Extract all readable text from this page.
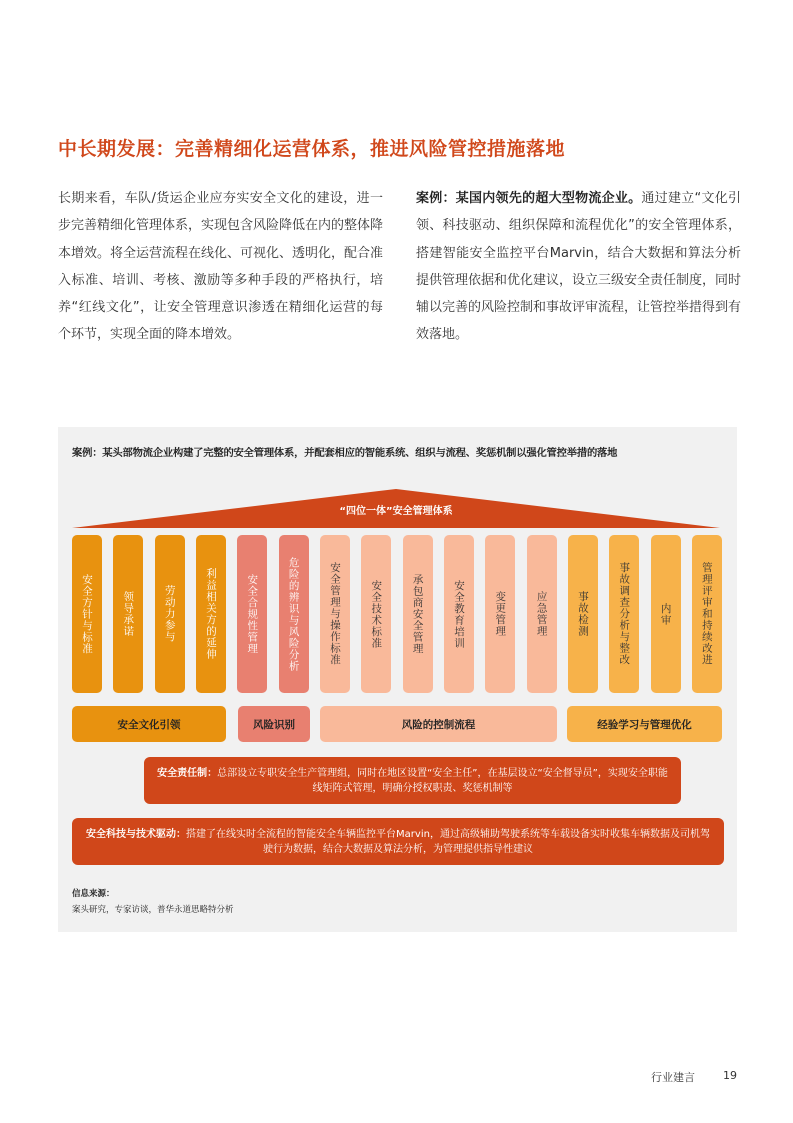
中长期发展：完善精细化运营体系，推进风险管控措施落地
长期来看，车队/货运企业应夯实安全文化的建设，进一步完善精细化管理体系，实现包含风险降低在内的整体降本增效。将全运营流程在线化、可视化、透明化，配合准入标准、培训、考核、激励等多种手段的严格执行，培养“红线文化”，让安全管理意识渗透在精细化运营的每个环节，实现全面的降本增效。
案例：某国内领先的超大型物流企业。通过建立“文化引领、科技驱动、组织保障和流程优化”的安全管理体系，搭建智能安全监控平台Marvin，结合大数据和算法分析提供管理依据和优化建议，设立三级安全责任制度，同时辅以完善的风险控制和事故评审流程，让管控举措得到有效落地。
案例：某头部物流企业构建了完整的安全管理体系，并配套相应的智能系统、组织与流程、奖惩机制以强化管控举措的落地
“四位一体”安全管理体系
安全方针与标准	领导承诺	劳动力参与	利益相关方的延伸	安全合规性管理	危险的辨识与风险分析	安全管理与操作标准	安全技术标准	承包商安全管理	安全教育培训	变更管理	应急管理	事故检测	事故调查分析与整改	内审	管理评审和持续改进
安全文化引领	风险识别	风险的控制流程	经验学习与管理优化
安全责任制：总部设立专职安全生产管理组，同时在地区设置“安全主任”，在基层设立“安全督导员”，实现安全职能线矩阵式管理，明确分授权职责、奖惩机制等
安全科技与技术驱动：搭建了在线实时全流程的智能安全车辆监控平台Marvin，通过高级辅助驾驶系统等车载设备实时收集车辆数据及司机驾驶行为数据，结合大数据及算法分析，为管理提供指导性建议
信息来源：
案头研究，专家访谈，普华永道思略特分析
行业建言	19
